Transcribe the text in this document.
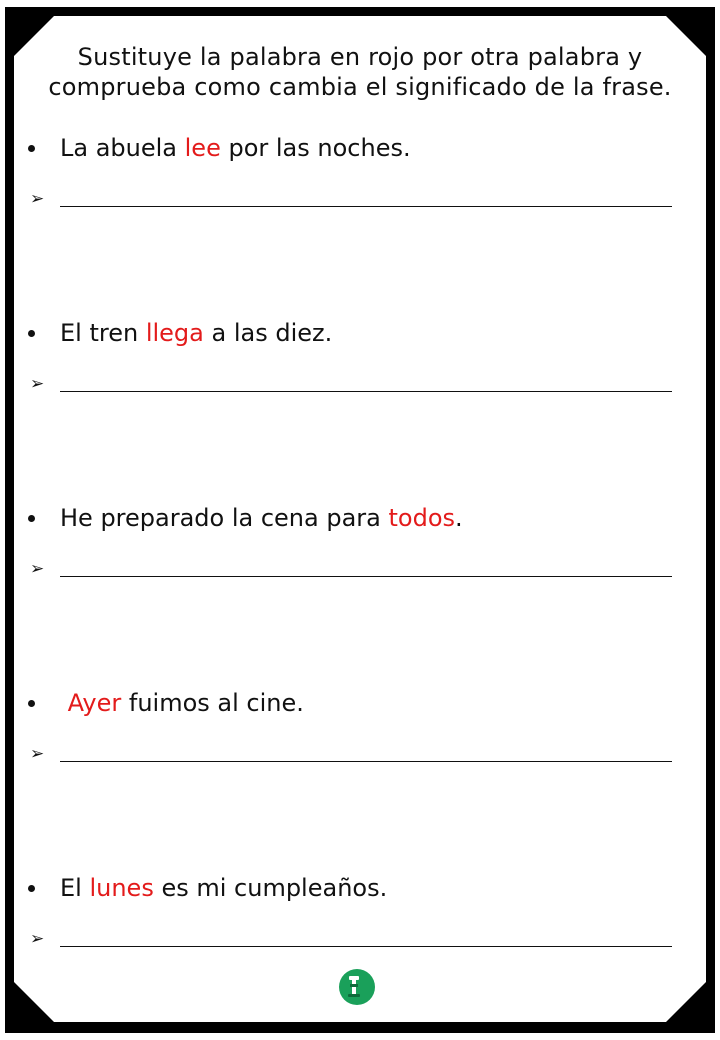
Sustituye la palabra en rojo por otra palabra y
comprueba como cambia el significado de la frase.
La abuela lee por las noches.
➢
El tren llega a las diez.
➢
He preparado la cena para todos.
➢
Ayer fuimos al cine.
➢
El lunes es mi cumpleaños.
➢
